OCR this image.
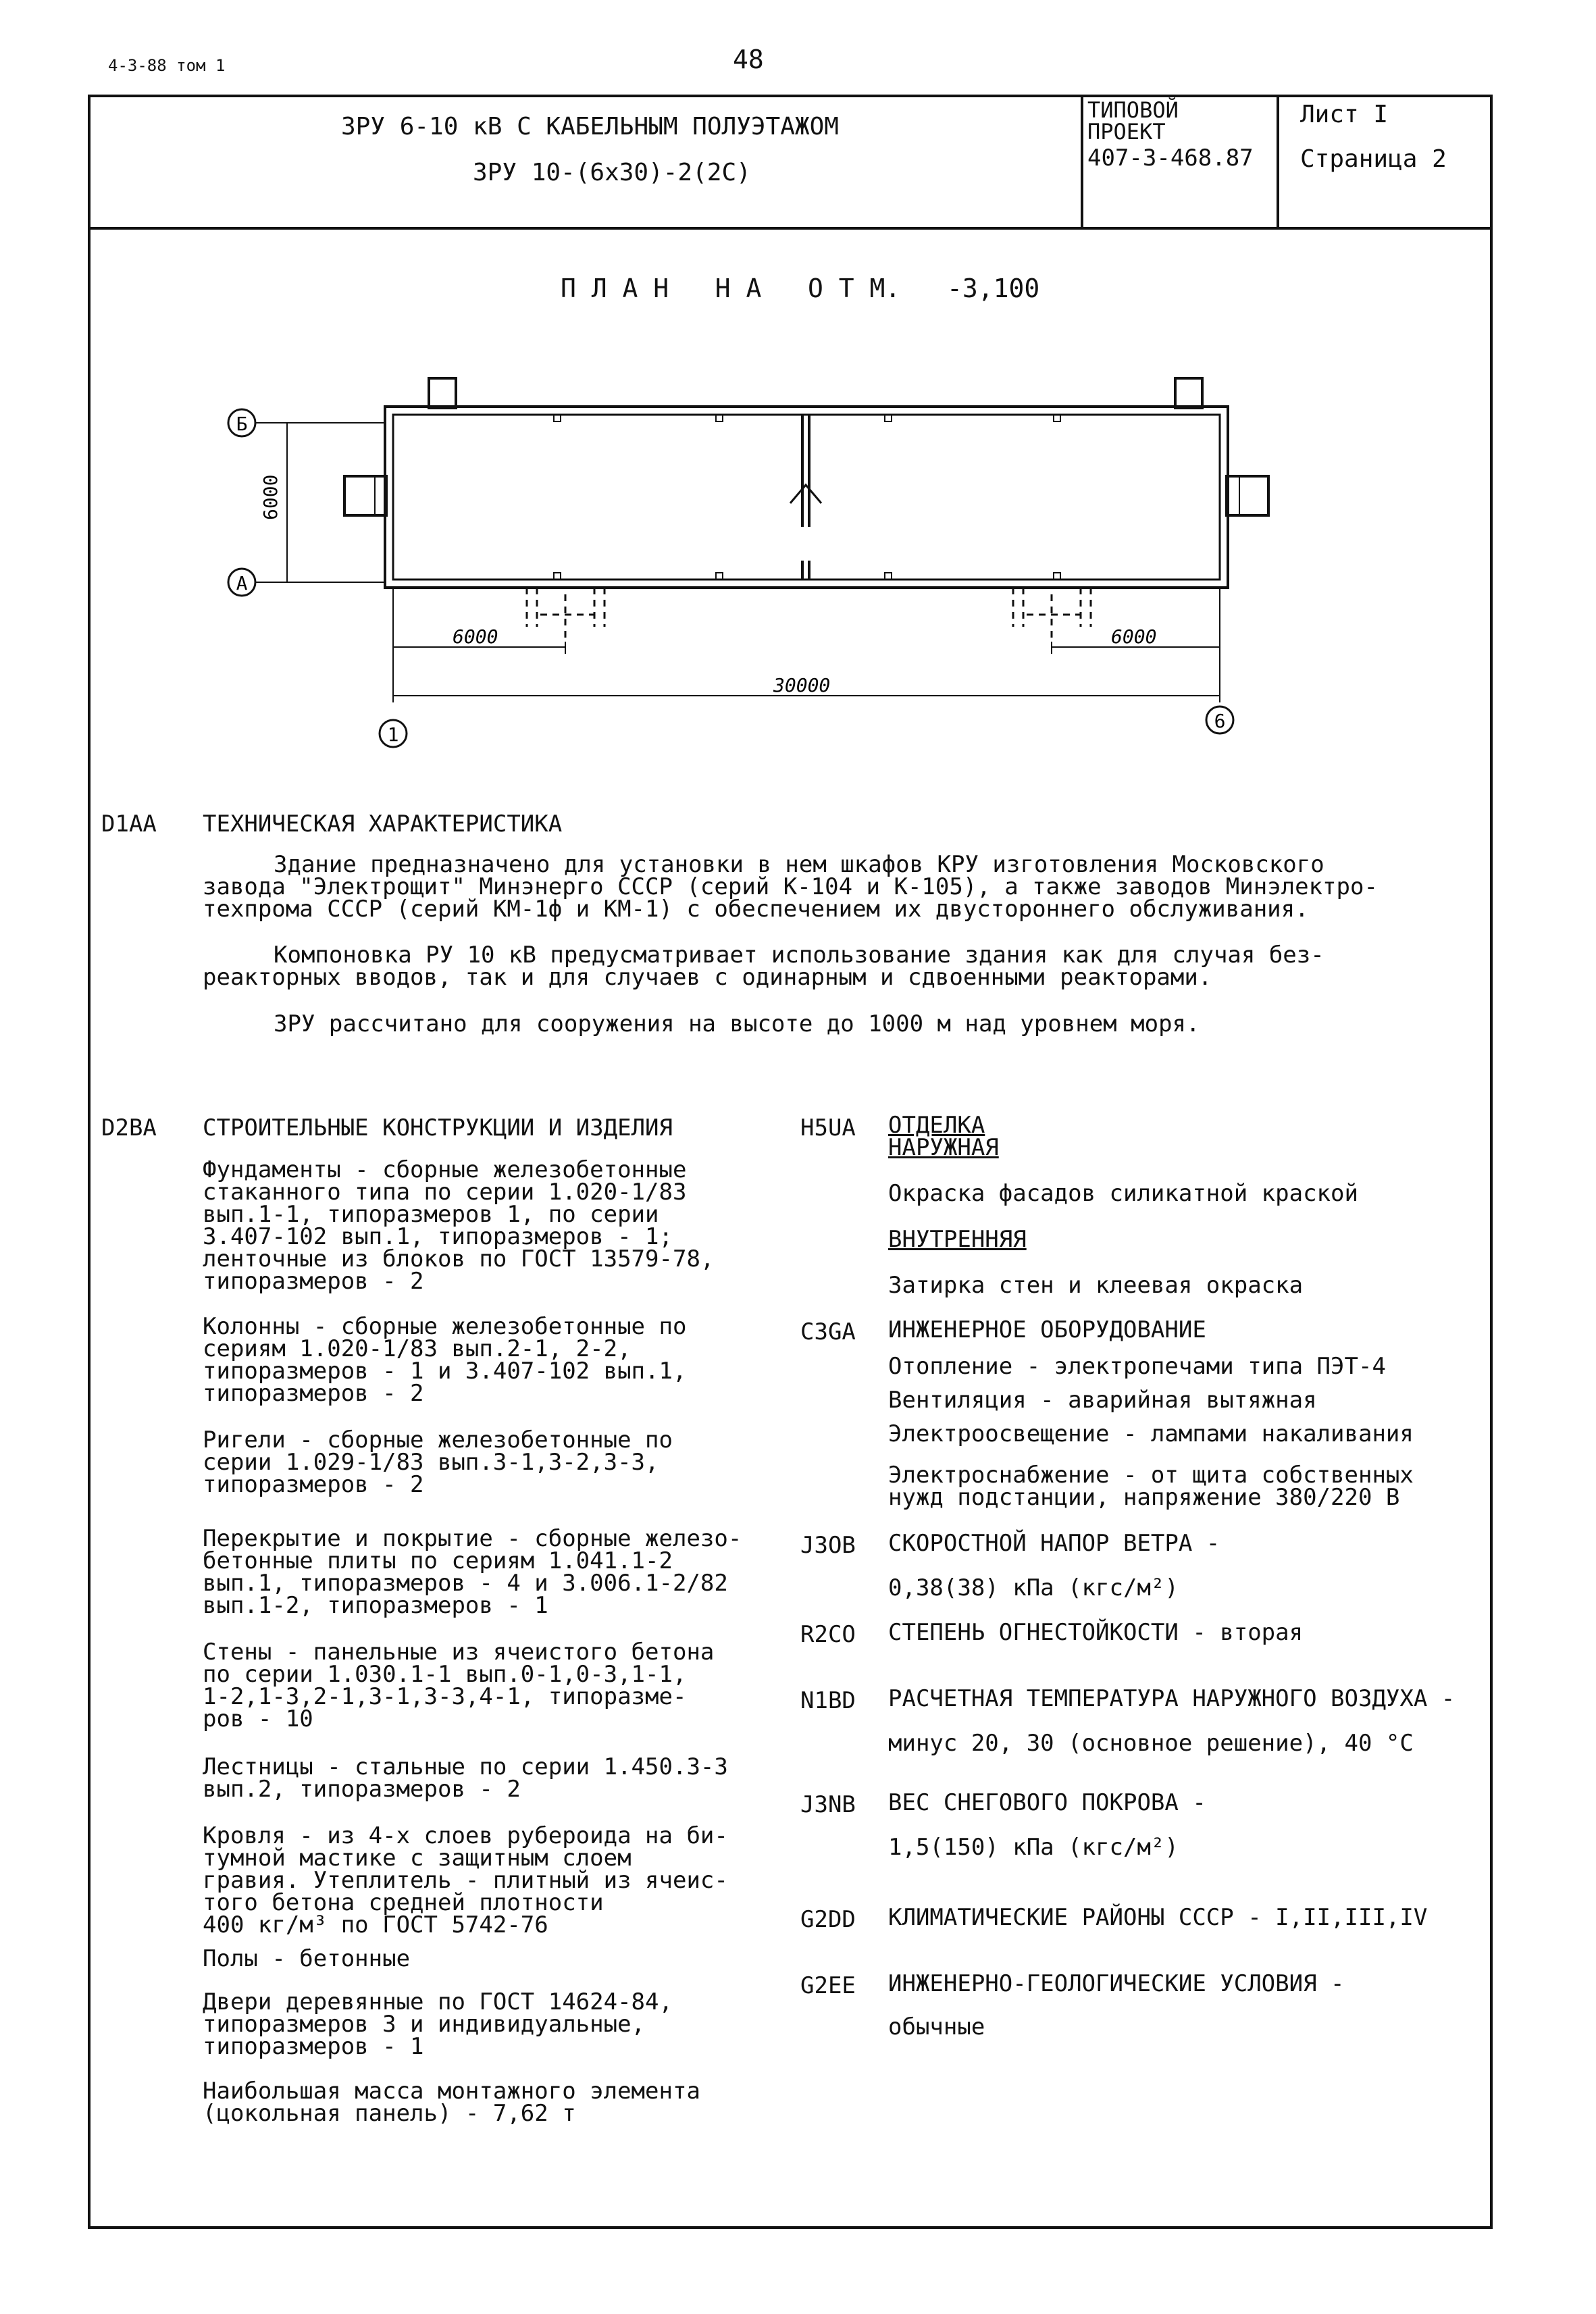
4-3-88 том 1	48
ЗРУ 6-10 кВ С КАБЕЛЬНЫМ ПОЛУЭТАЖОМ
ЗРУ 10-(6х30)-2(2С)
ТИПОВОЙ
ПРОЕКТ
407-3-468.87
Лист I
Страница 2
П Л А Н   Н А   О Т М.   -3,100
Б
А
1
6
6000
6000	6000
30000
D1AA ТЕХНИЧЕСКАЯ ХАРАКТЕРИСТИКА
Здание предназначено для установки в нем шкафов КРУ изготовления Московского
завода "Электрощит" Минэнерго СССР (серий К-104 и К-105), а также заводов Минэлектро-
техпрома СССР (серий КМ-1ф и КМ-1) с обеспечением их двустороннего обслуживания.
Компоновка РУ 10 кВ предусматривает использование здания как для случая без-
реакторных вводов, так и для случаев с одинарным и сдвоенными реакторами.
ЗРУ рассчитано для сооружения на высоте до 1000 м над уровнем моря.
D2BA СТРОИТЕЛЬНЫЕ КОНСТРУКЦИИ И ИЗДЕЛИЯ
Фундаменты - сборные железобетонные
стаканного типа по серии 1.020-1/83
вып.1-1, типоразмеров 1, по серии
3.407-102 вып.1, типоразмеров - 1;
ленточные из блоков по ГОСТ 13579-78,
типоразмеров - 2
Колонны - сборные железобетонные по
сериям 1.020-1/83 вып.2-1, 2-2,
типоразмеров - 1 и 3.407-102 вып.1,
типоразмеров - 2
Ригели - сборные железобетонные по
серии 1.029-1/83 вып.3-1,3-2,3-3,
типоразмеров - 2
Перекрытие и покрытие - сборные железо-
бетонные плиты по сериям 1.041.1-2
вып.1, типоразмеров - 4 и 3.006.1-2/82
вып.1-2, типоразмеров - 1
Стены - панельные из ячеистого бетона
по серии 1.030.1-1 вып.0-1,0-3,1-1,
1-2,1-3,2-1,3-1,3-3,4-1, типоразме-
ров - 10
Лестницы - стальные по серии 1.450.3-3
вып.2, типоразмеров - 2
Кровля - из 4-х слоев рубероида на би-
тумной мастике с защитным слоем
гравия. Утеплитель - плитный из ячеис-
того бетона средней плотности
400 кг/м³ по ГОСТ 5742-76
Полы - бетонные
Двери деревянные по ГОСТ 14624-84,
типоразмеров 3 и индивидуальные,
типоразмеров - 1
Наибольшая масса монтажного элемента
(цокольная панель) - 7,62 т
H5UA ОТДЕЛКА
НАРУЖНАЯ
Окраска фасадов силикатной краской
ВНУТРЕННЯЯ
Затирка стен и клеевая окраска
C3GA ИНЖЕНЕРНОЕ ОБОРУДОВАНИЕ
Отопление - электропечами типа ПЭТ-4
Вентиляция - аварийная вытяжная
Электроосвещение - лампами накаливания
Электроснабжение - от щита собственных
нужд подстанции, напряжение 380/220 В
J3OB СКОРОСТНОЙ НАПОР ВЕТРА -
0,38(38) кПа (кгс/м²)
R2CO СТЕПЕНЬ ОГНЕСТОЙКОСТИ - вторая
N1BD РАСЧЕТНАЯ ТЕМПЕРАТУРА НАРУЖНОГО ВОЗДУХА -
минус 20, 30 (основное решение), 40 °С
J3NB ВЕС СНЕГОВОГО ПОКРОВА -
1,5(150) кПа (кгс/м²)
G2DD КЛИМАТИЧЕСКИЕ РАЙОНЫ СССР - I,II,III,IV
G2EE ИНЖЕНЕРНО-ГЕОЛОГИЧЕСКИЕ УСЛОВИЯ -
обычные
